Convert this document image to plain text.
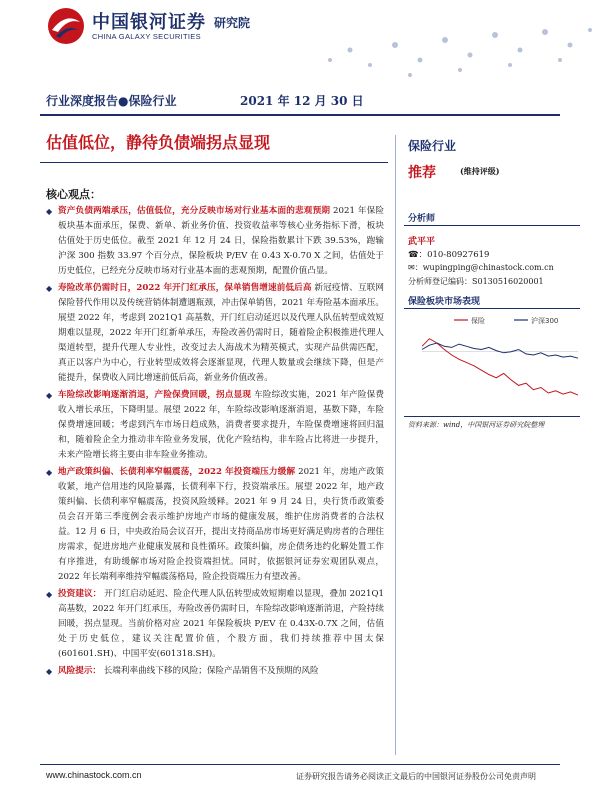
中国银河证券
CHINA GALAXY SECURITIES
研究院
行业深度报告●保险行业	2021 年 12 月 30 日
估值低位，静待负债端拐点显现
核心观点：

◆ 资产负债两端承压，估值低位，充分反映市场对行业基本面的悲观预期 2021 年保险板块基本面承压，保费、新单、新业务价值、投资收益率等核心业务指标下滑，板块估值处于历史低位。截至 2021 年 12 月 24 日，保险指数累计下跌 39.53%，跑输沪深 300 指数 33.97 个百分点，保险板块 P/EV 在 0.43 X-0.70 X 之间，估值处于历史低位，已经充分反映市场对行业基本面的悲观预期，配置价值凸显。

◆ 寿险改革仍需时日，2022 年开门红承压，保单销售增速前低后高 新冠疫情、互联网保险替代作用以及传统营销体制遭遇瓶颈，冲击保单销售，2021 年寿险基本面承压。展望 2022 年，考虑到 2021Q1 高基数，开门红启动延迟以及代理人队伍转型成效短期难以显现，2022 年开门红新单承压，寿险改善仍需时日，随着险企积极推进代理人渠道转型，提升代理人专业性，改变过去人海战术为精英模式，实现产品供需匹配，真正以客户为中心，行业转型成效将会逐渐显现，代理人数量或会继续下降，但是产能提升，保费收入同比增速前低后高，新业务价值改善。

◆ 车险综改影响逐渐消退，产险保费回暖，拐点显现 车险综改实施，2021 年产险保费收入增长承压，下降明显。展望 2022 年，车险综改影响逐渐消退，基数下降，车险保费增速回暖；考虑到汽车市场日趋成熟，消费者要求提升，车险保费增速将回归温和，随着险企全力推动非车险业务发展，优化产险结构，非车险占比将进一步提升，未来产险增长将主要由非车险业务推动。

◆ 地产政策纠偏、长债利率窄幅震荡，2022 年投资端压力缓解 2021 年，房地产政策收紧，地产信用违约风险暴露，长债利率下行，投资端承压。展望 2022 年，地产政策纠偏、长债利率窄幅震荡，投资风险缓释。2021 年 9 月 24 日，央行货币政策委员会召开第三季度例会表示维护房地产市场的健康发展，维护住房消费者的合法权益。12 月 6 日，中央政治局会议召开，提出支持商品房市场更好满足购房者的合理住房需求，促进房地产业健康发展和良性循环。政策纠偏，房企债务违约化解处置工作有序推进，有助缓解市场对险企投资端担忧。同时，依据银河证券宏观团队观点，2022 年长端利率维持窄幅震荡格局，险企投资端压力有望改善。

◆ 投资建议： 开门红启动延迟、险企代理人队伍转型成效短期难以显现，叠加 2021Q1 高基数，2022 年开门红承压，寿险改善仍需时日，车险综改影响逐渐消退，产险持续回暖，拐点显现。当前价格对应 2021 年保险板块 P/EV 在 0.43X-0.7X 之间，估值处于历史低位，建议关注配置价值，个股方面，我们持续推荐中国太保(601601.SH)、中国平安(601318.SH)。

◆ 风险提示： 长端利率曲线下移的风险；保险产品销售不及预期的风险

保险行业
推荐	(维持评级)
分析师
武平平
☎：010-80927619
✉：wupingping@chinastock.com.cn
分析师登记编码：S0130516020001
保险板块市场表现
保险	沪深300
资料来源：wind，中国银河证券研究院整理
www.chinastock.com.cn	证券研究报告请务必阅读正文最后的中国银河证券股份公司免责声明
